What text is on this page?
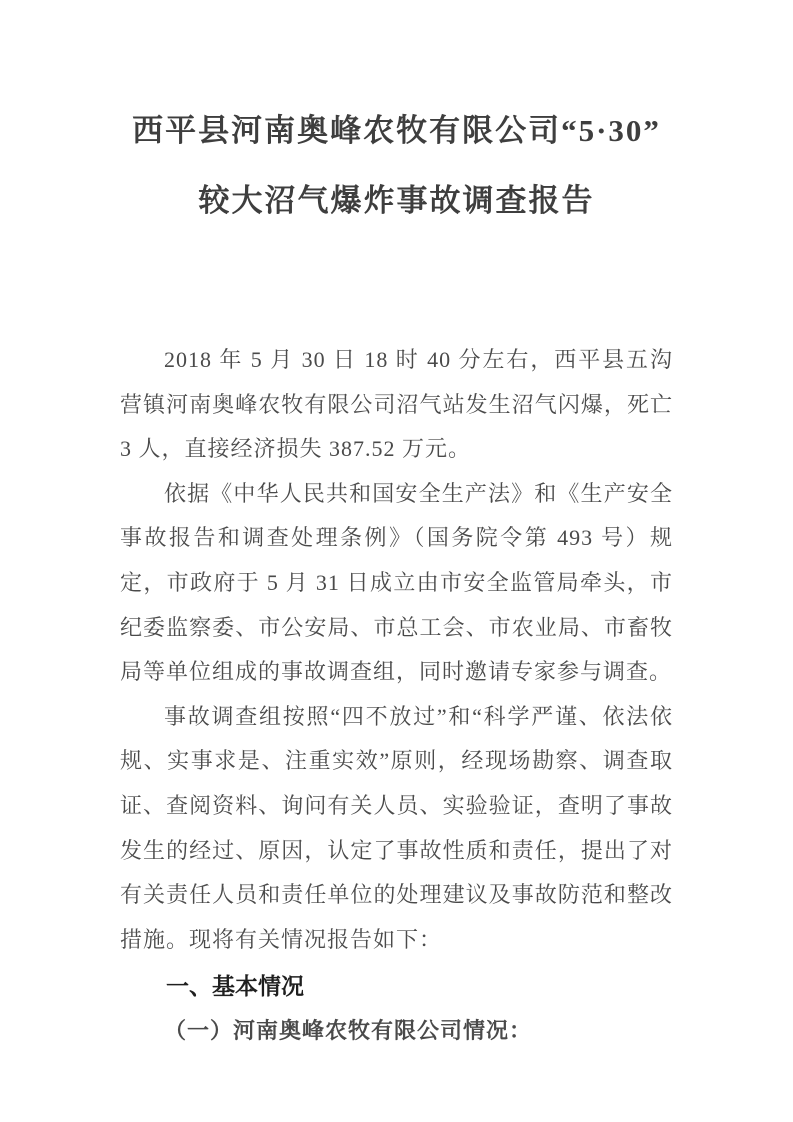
西平县河南奥峰农牧有限公司“5·30”
较大沼气爆炸事故调查报告

2018 年 5 月 30 日 18 时 40 分左右，西平县五沟营镇河南奥峰农牧有限公司沼气站发生沼气闪爆，死亡 3 人，直接经济损失 387.52 万元。

依据《中华人民共和国安全生产法》和《生产安全事故报告和调查处理条例》（国务院令第 493 号）规定，市政府于 5 月 31 日成立由市安全监管局牵头，市纪委监察委、市公安局、市总工会、市农业局、市畜牧局等单位组成的事故调查组，同时邀请专家参与调查。

事故调查组按照“四不放过”和“科学严谨、依法依规、实事求是、注重实效”原则，经现场勘察、调查取证、查阅资料、询问有关人员、实验验证，查明了事故发生的经过、原因，认定了事故性质和责任，提出了对有关责任人员和责任单位的处理建议及事故防范和整改措施。现将有关情况报告如下：

一、基本情况
（一）河南奥峰农牧有限公司情况：
